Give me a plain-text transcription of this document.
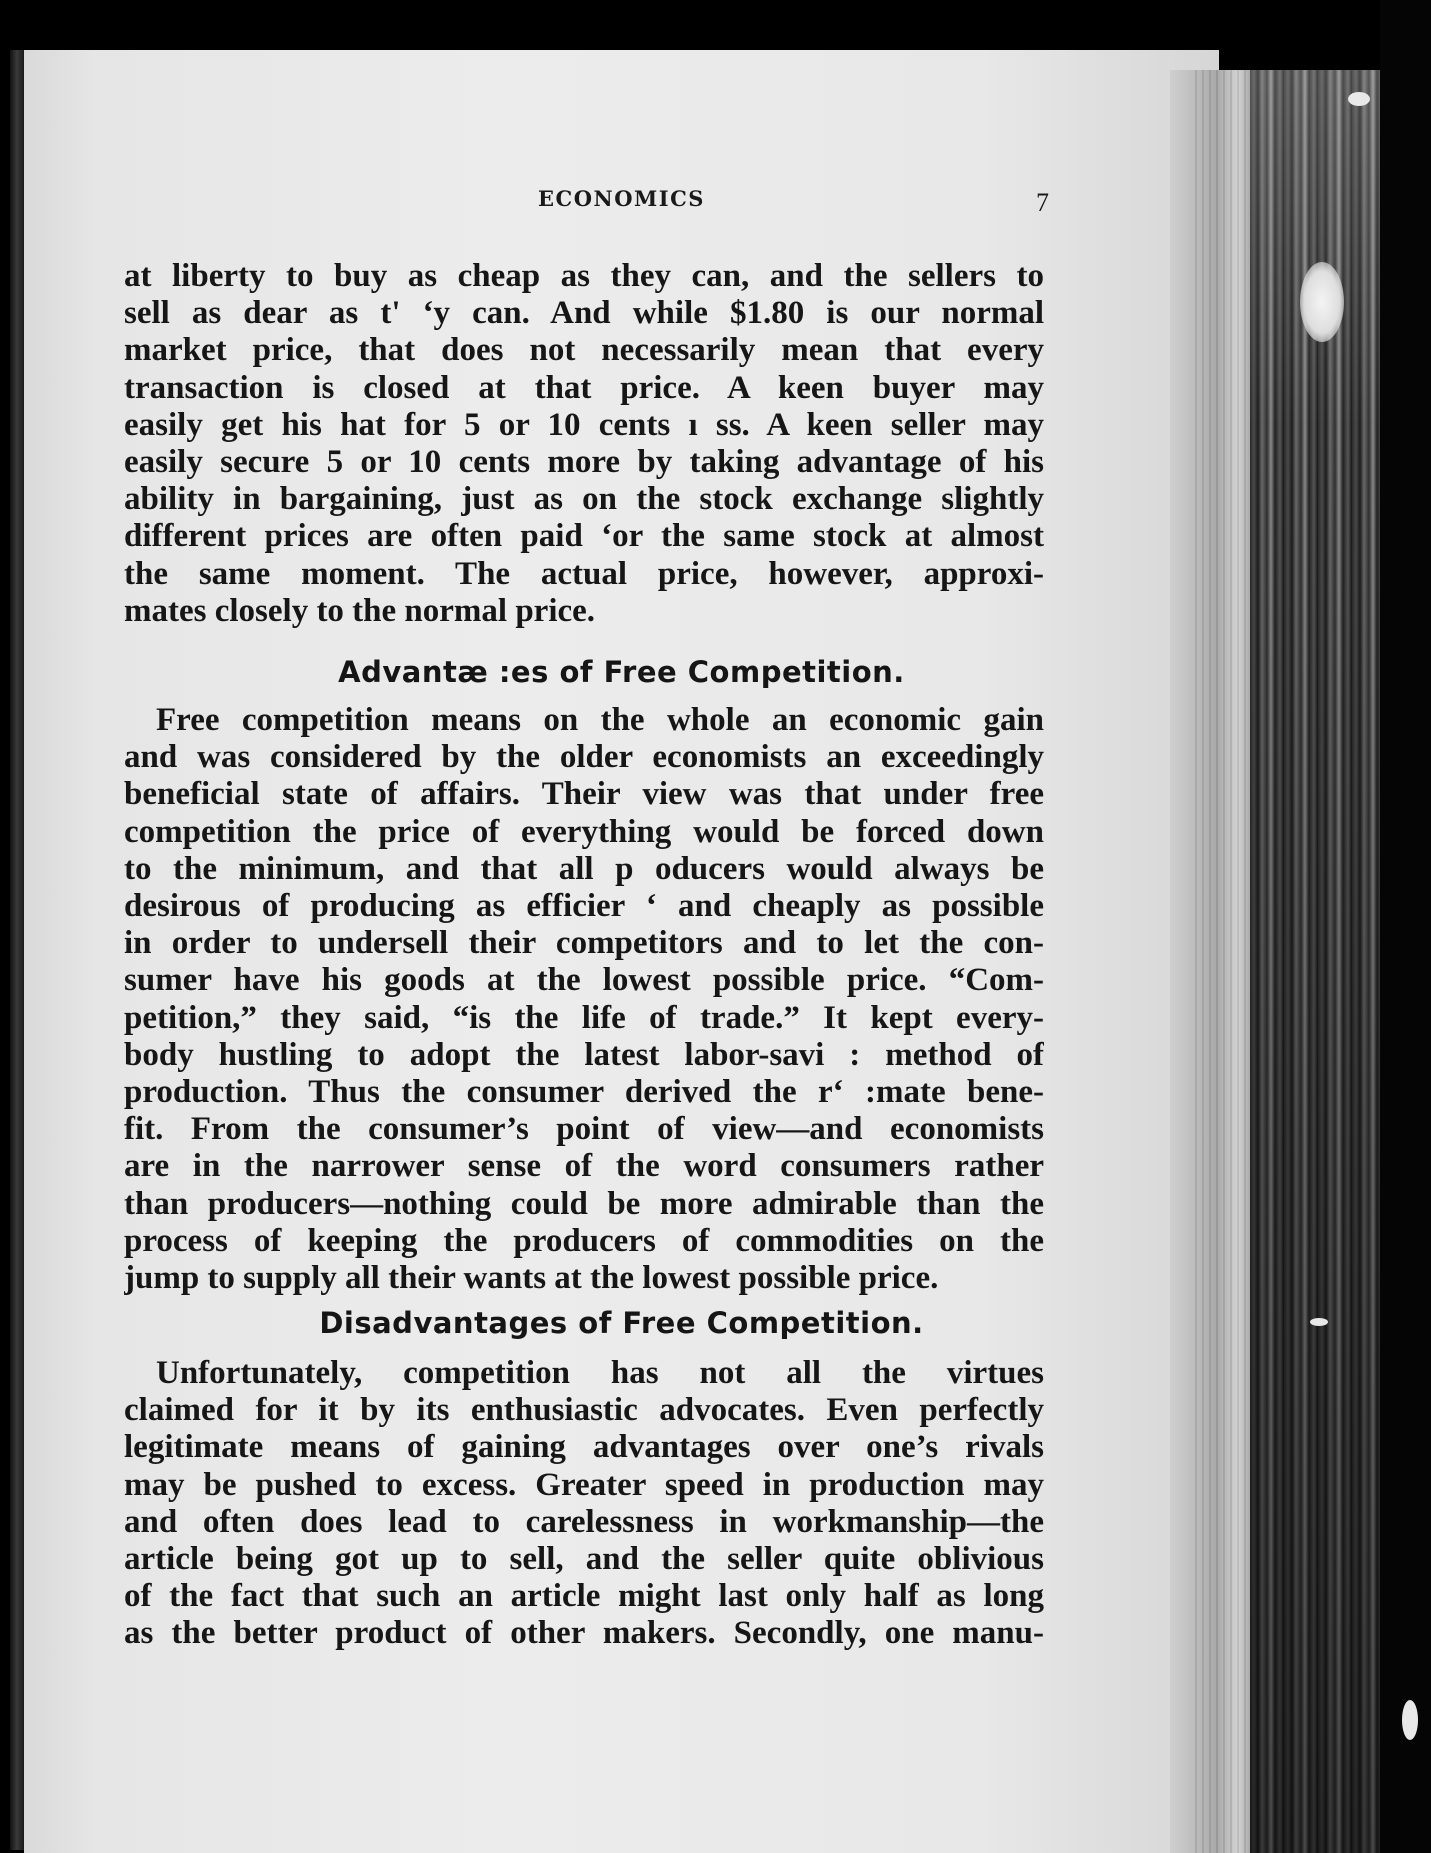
ECONOMICS	7
at liberty to buy as cheap as they can, and the sellers to
sell as dear as t' ʻy can. And while $1.80 is our normal
market price, that does not necessarily mean that every
transaction is closed at that price. A keen buyer may
easily get his hat for 5 or 10 cents ı ss. A keen seller may
easily secure 5 or 10 cents more by taking advantage of his
ability in bargaining, just as on the stock exchange slightly
different prices are often paid ‘or the same stock at almost
the same moment. The actual price, however, approxi-
mates closely to the normal price.
Advantæ :es of Free Competition.
Free competition means on the whole an economic gain
and was considered by the older economists an exceedingly
beneficial state of affairs. Their view was that under free
competition the price of everything would be forced down
to the minimum, and that all p oducers would always be
desirous of producing as efficier ʻ and cheaply as possible
in order to undersell their competitors and to let the con-
sumer have his goods at the lowest possible price. “Com-
petition,” they said, “is the life of trade.” It kept every-
body hustling to adopt the latest labor-savi : method of
production. Thus the consumer derived the rʻ :mate bene-
fit. From the consumer’s point of view—and economists
are in the narrower sense of the word consumers rather
than producers—nothing could be more admirable than the
process of keeping the producers of commodities on the
jump to supply all their wants at the lowest possible price.
Disadvantages of Free Competition.
Unfortunately, competition has not all the virtues
claimed for it by its enthusiastic advocates. Even perfectly
legitimate means of gaining advantages over one’s rivals
may be pushed to excess. Greater speed in production may
and often does lead to carelessness in workmanship—the
article being got up to sell, and the seller quite oblivious
of the fact that such an article might last only half as long
as the better product of other makers. Secondly, one manu-
